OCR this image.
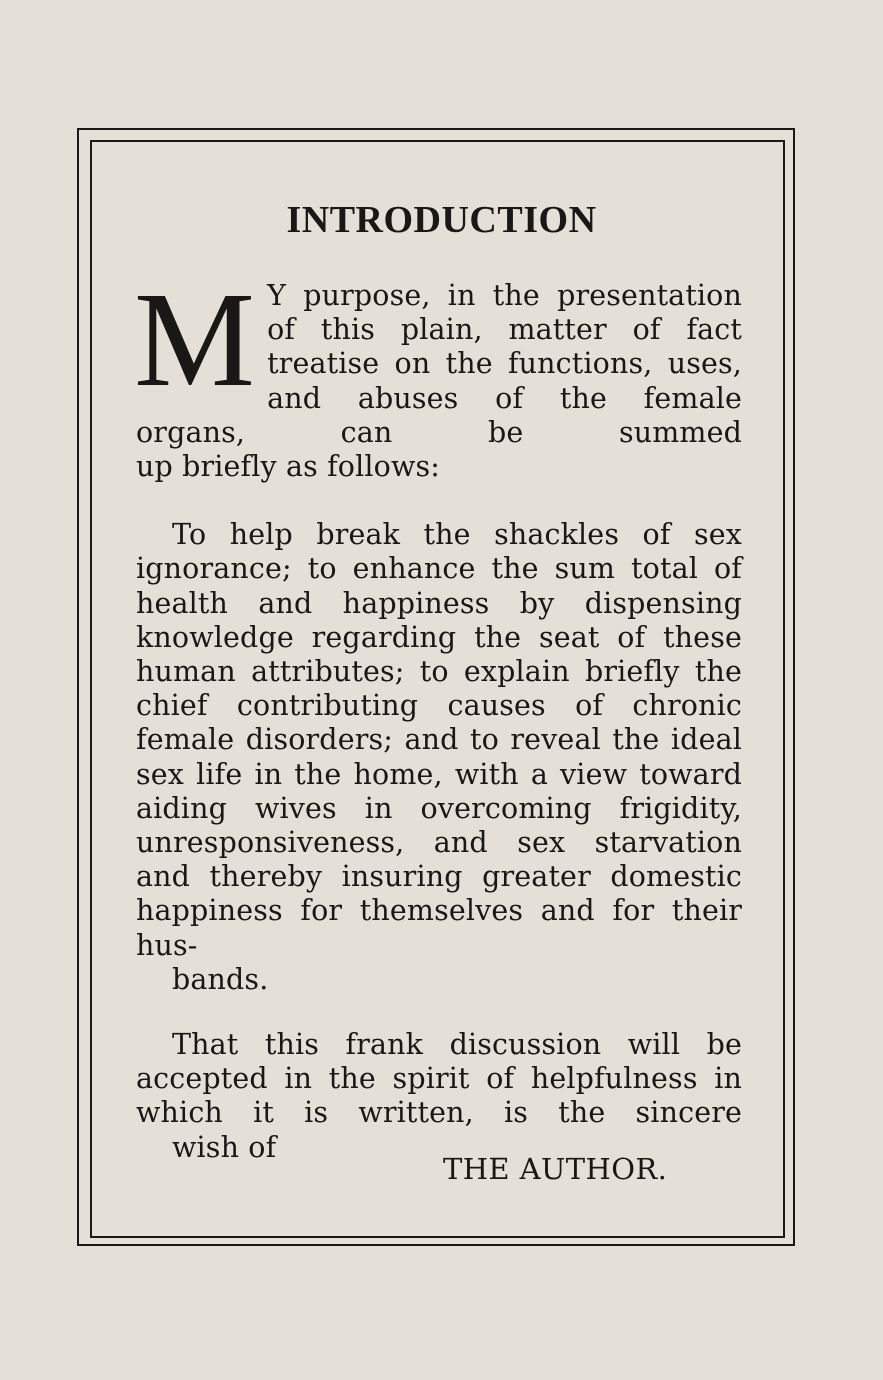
INTRODUCTION

M Y purpose, in the presentation of this plain, matter of fact treatise on the functions, uses, and abuses of the female organs, can be summed
up briefly as follows:

To help break the shackles of sex ignorance; to enhance the sum total of health and happiness by dispensing knowledge regarding the seat of these human attributes; to explain briefly the chief contributing causes of chronic female disorders; and to reveal the ideal sex life in the home, with a view toward aiding wives in overcoming frigidity, unresponsiveness, and sex starvation and thereby insuring greater domestic happiness for themselves and for their hus-
bands.

That this frank discussion will be accepted in the spirit of helpfulness in which it is written, is the sincere
wish of

THE AUTHOR.
